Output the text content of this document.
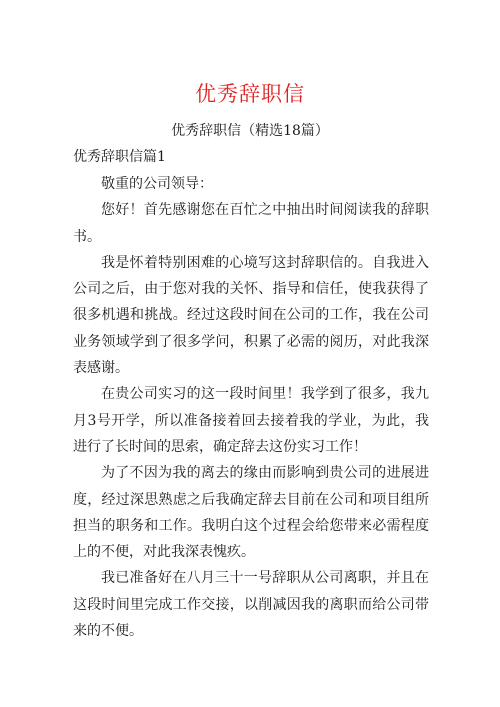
优秀辞职信
优秀辞职信（精选18篇）
优秀辞职信篇1

敬重的公司领导：

您好！首先感谢您在百忙之中抽出时间阅读我的辞职书。

我是怀着特别困难的心境写这封辞职信的。自我进入公司之后，由于您对我的关怀、指导和信任，使我获得了很多机遇和挑战。经过这段时间在公司的工作，我在公司业务领域学到了很多学问，积累了必需的阅历，对此我深表感谢。

在贵公司实习的这一段时间里！我学到了很多，我九月3号开学，所以准备接着回去接着我的学业，为此，我进行了长时间的思索，确定辞去这份实习工作！

为了不因为我的离去的缘由而影响到贵公司的进展进度，经过深思熟虑之后我确定辞去目前在公司和项目组所担当的职务和工作。我明白这个过程会给您带来必需程度上的不便，对此我深表愧疚。

我已准备好在八月三十一号辞职从公司离职，并且在这段时间里完成工作交接，以削减因我的离职而给公司带来的不便。
